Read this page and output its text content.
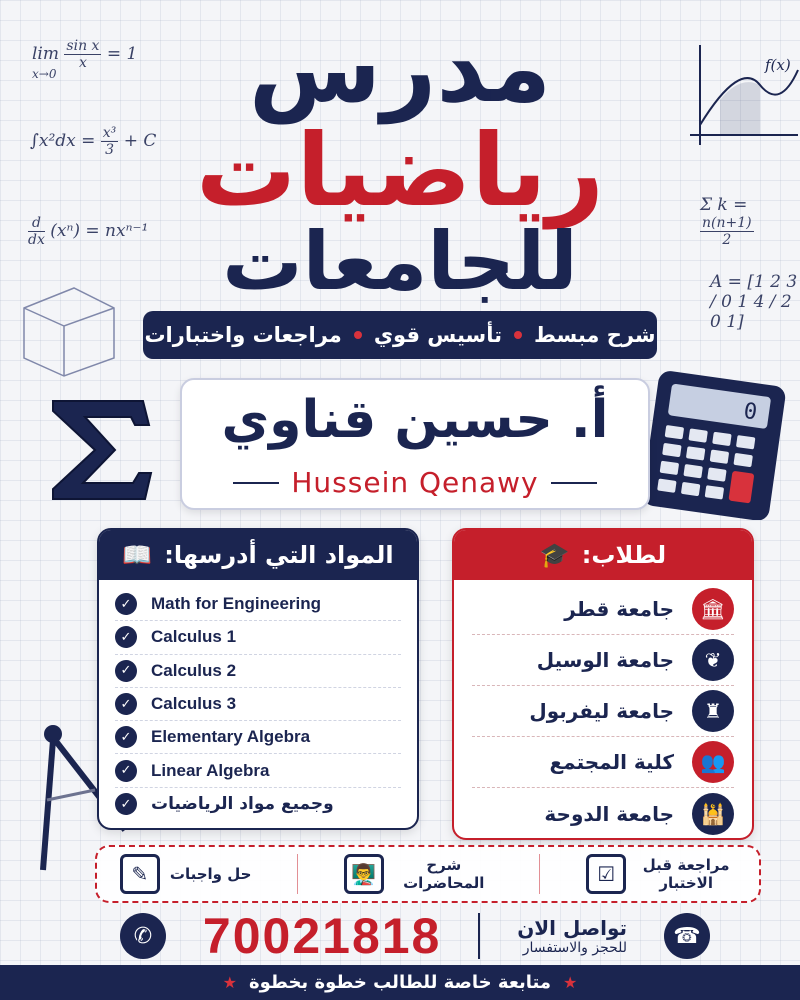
$\lim \frac{\text{sin x}}{x} = 1$
x→0
$\int x^2dx = \frac{\text{x³}}{3} + C$
$\frac{d}{dx} (x^n) = nx^{n-1}$
Σ k =
$\frac{n(n+1)}{2}$
A = [1 2 3 / 0 1 4 / 2 0 1]
f(x)
0
مدرس
رياضيات
للجامعات
شرح مبسط
تأسيس قوي
مراجعات واختبارات
أ. حسين قناوي
Hussein Qenawy
المواد التي أدرسها:
📖
✓	Math for Engineering
✓	Calculus 1
✓	Calculus 2
✓	Calculus 3
✓	Elementary Algebra
✓	Linear Algebra
✓	وجميع مواد الرياضيات
لطلاب:
🎓
جامعة قطر	🏛
جامعة الوسيل	❦
جامعة ليفربول	♜
كلية المجتمع	👥
جامعة الدوحة	🕌
مراجعة قبل الاختبار
☑
شرح المحاضرات
👨‍🏫
حل واجبات
✎
✆ 70021818	تواصل الان
للحجز والاستفسار	☎
★
متابعة خاصة للطالب خطوة بخطوة
★
